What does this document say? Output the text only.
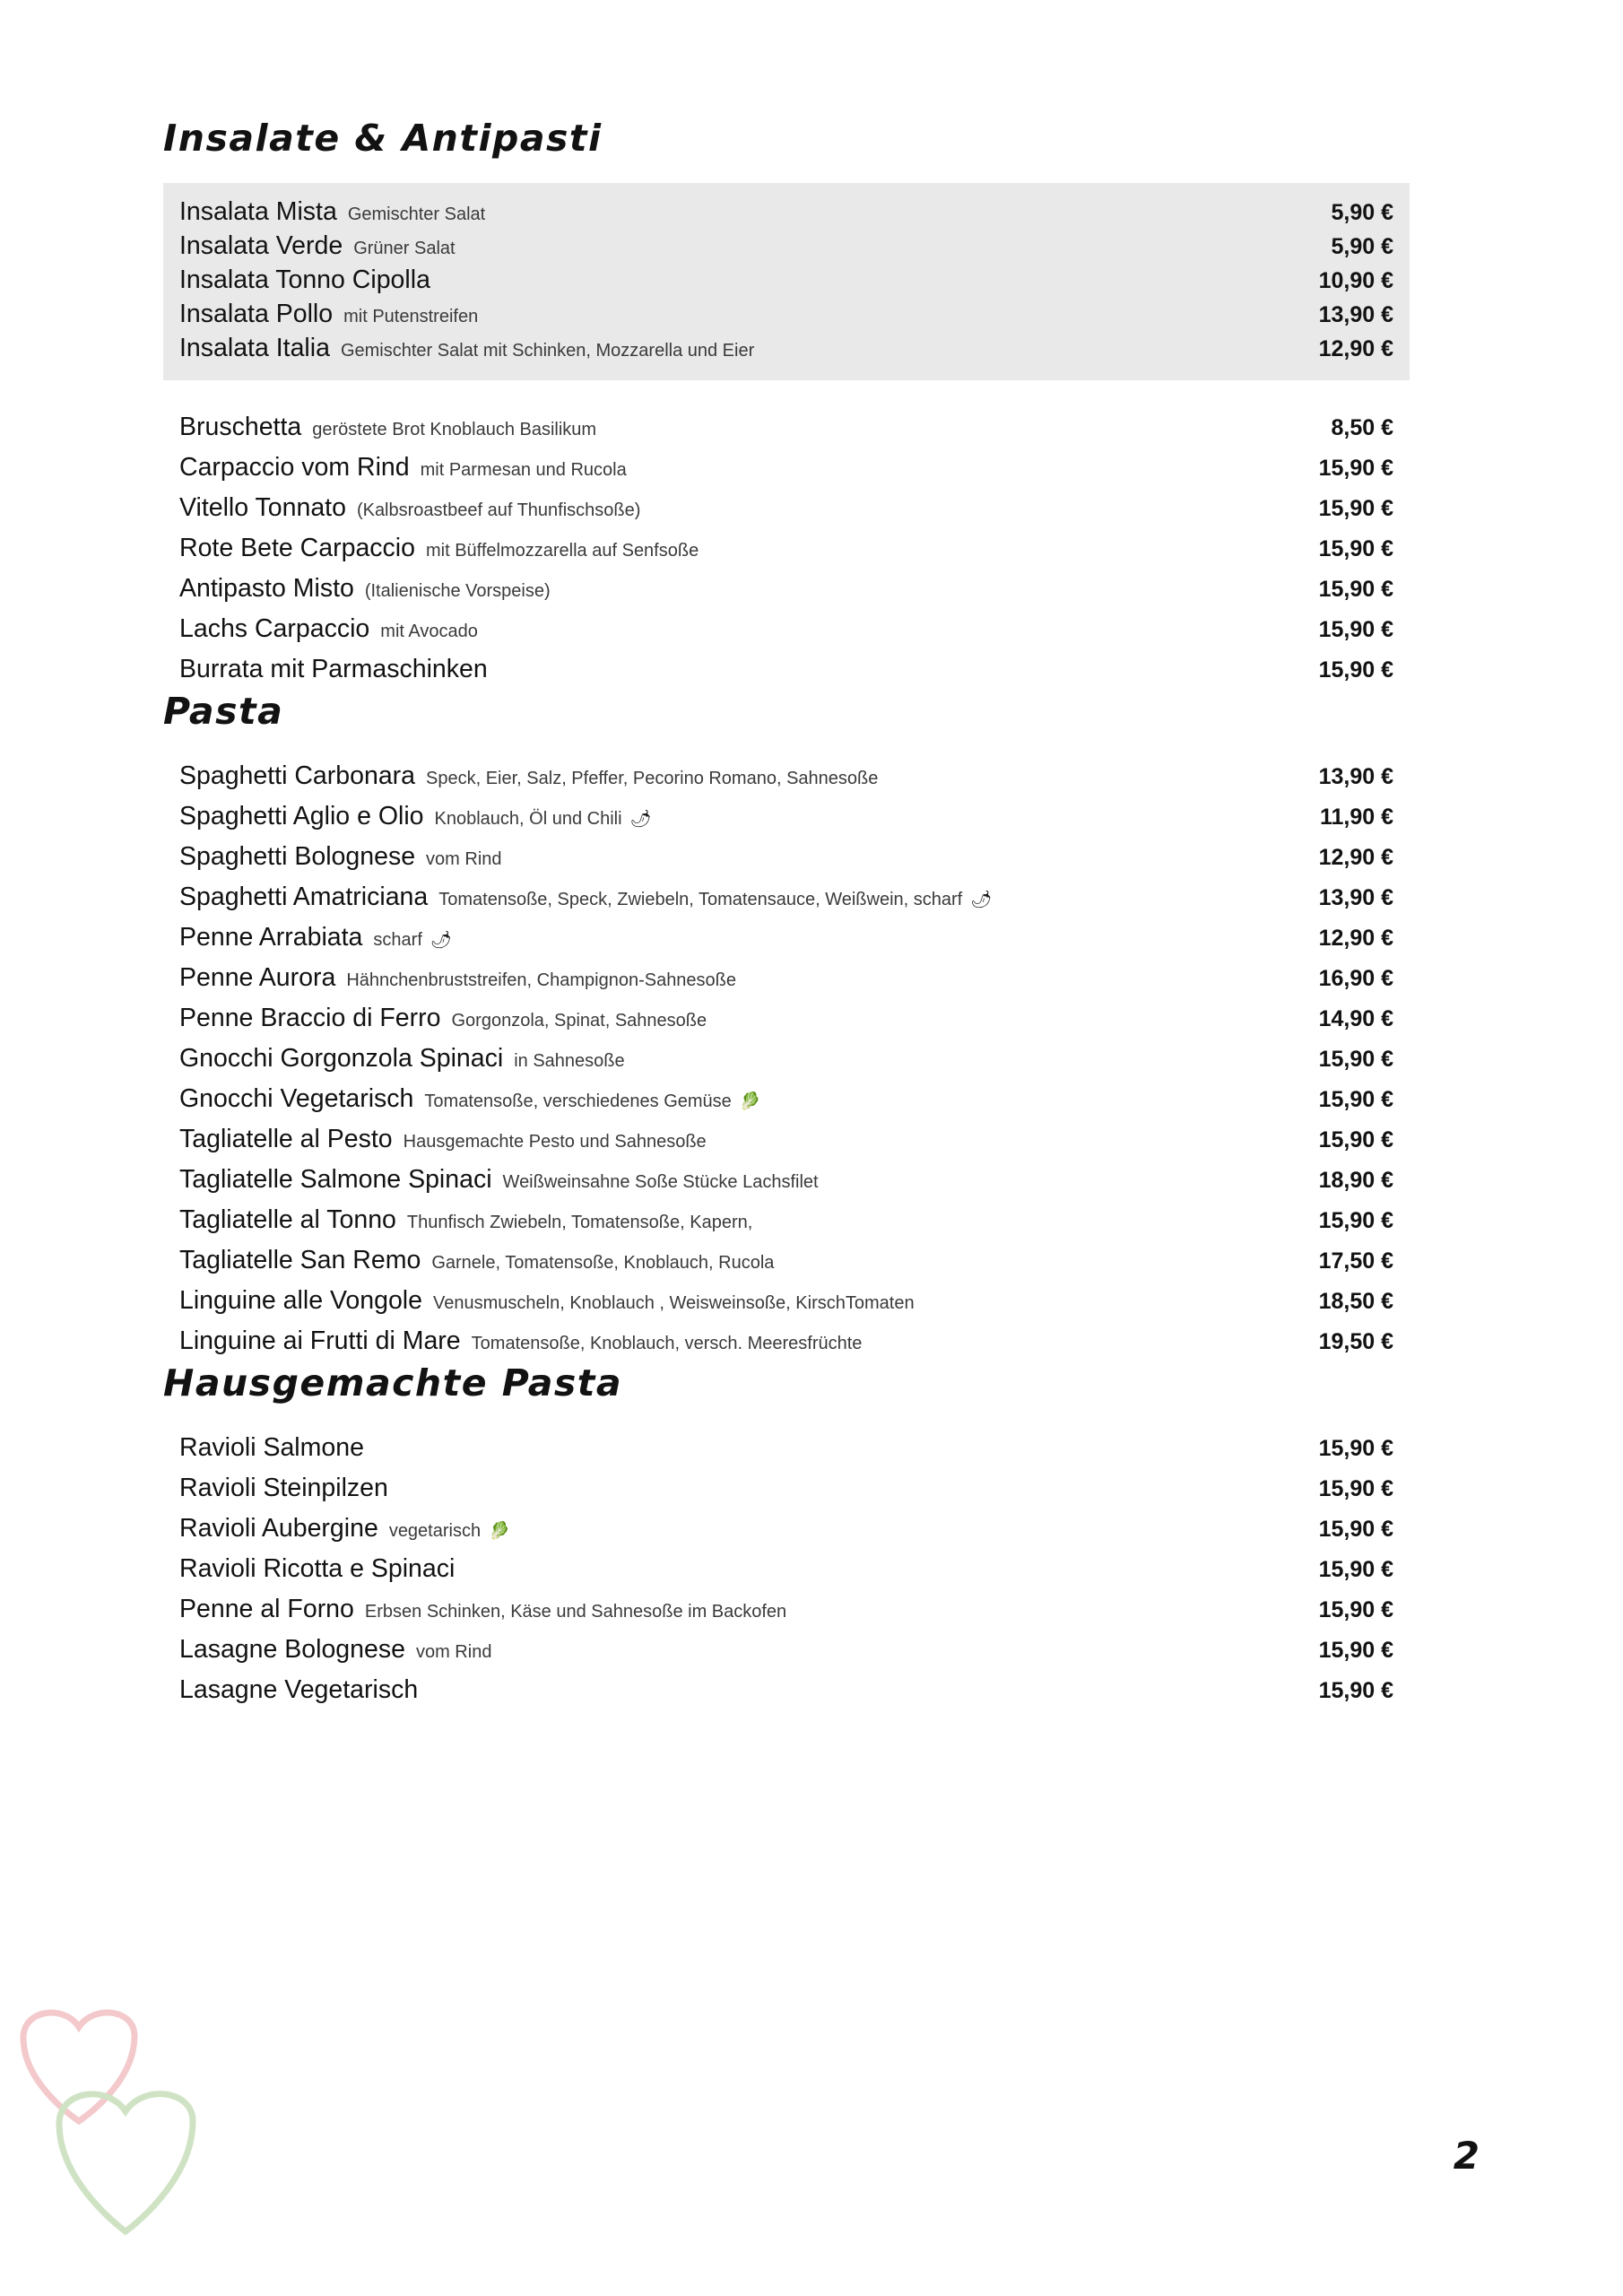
Insalate & Antipasti
Insalata Mista Gemischter Salat	5,90 €
Insalata Verde Grüner Salat	5,90 €
Insalata Tonno Cipolla	10,90 €
Insalata Pollo mit Putenstreifen	13,90 €
Insalata Italia Gemischter Salat mit Schinken, Mozzarella und Eier	12,90 €
Bruschetta geröstete Brot Knoblauch Basilikum	8,50 €
Carpaccio vom Rind mit Parmesan und Rucola	15,90 €
Vitello Tonnato (Kalbsroastbeef auf Thunfischsoße)	15,90 €
Rote Bete Carpaccio mit Büffelmozzarella auf Senfsoße	15,90 €
Antipasto Misto (Italienische Vorspeise)	15,90 €
Lachs Carpaccio mit Avocado	15,90 €
Burrata mit Parmaschinken	15,90 €
Pasta
Spaghetti Carbonara Speck, Eier, Salz, Pfeffer, Pecorino Romano, Sahnesoße	13,90 €
Spaghetti Aglio e Olio Knoblauch, Öl und Chili 🌶	11,90 €
Spaghetti Bolognese vom Rind	12,90 €
Spaghetti Amatriciana Tomatensoße, Speck, Zwiebeln, Tomatensauce, Weißwein, scharf 🌶	13,90 €
Penne Arrabiata scharf 🌶	12,90 €
Penne Aurora Hähnchenbruststreifen, Champignon-Sahnesoße	16,90 €
Penne Braccio di Ferro Gorgonzola, Spinat, Sahnesoße	14,90 €
Gnocchi Gorgonzola Spinaci in Sahnesoße	15,90 €
Gnocchi Vegetarisch Tomatensoße, verschiedenes Gemüse 🥬	15,90 €
Tagliatelle al Pesto Hausgemachte Pesto und Sahnesoße	15,90 €
Tagliatelle Salmone Spinaci Weißweinsahne Soße Stücke Lachsfilet	18,90 €
Tagliatelle al Tonno Thunfisch Zwiebeln, Tomatensoße, Kapern,	15,90 €
Tagliatelle San Remo Garnele, Tomatensoße, Knoblauch, Rucola	17,50 €
Linguine alle Vongole Venusmuscheln, Knoblauch , Weisweinsoße, KirschTomaten	18,50 €
Linguine ai Frutti di Mare Tomatensoße, Knoblauch, versch. Meeresfrüchte	19,50 €
Hausgemachte Pasta
Ravioli Salmone	15,90 €
Ravioli Steinpilzen	15,90 €
Ravioli Aubergine vegetarisch 🥬	15,90 €
Ravioli Ricotta e Spinaci	15,90 €
Penne al Forno Erbsen Schinken, Käse und Sahnesoße im Backofen	15,90 €
Lasagne Bolognese vom Rind	15,90 €
Lasagne Vegetarisch	15,90 €
2
